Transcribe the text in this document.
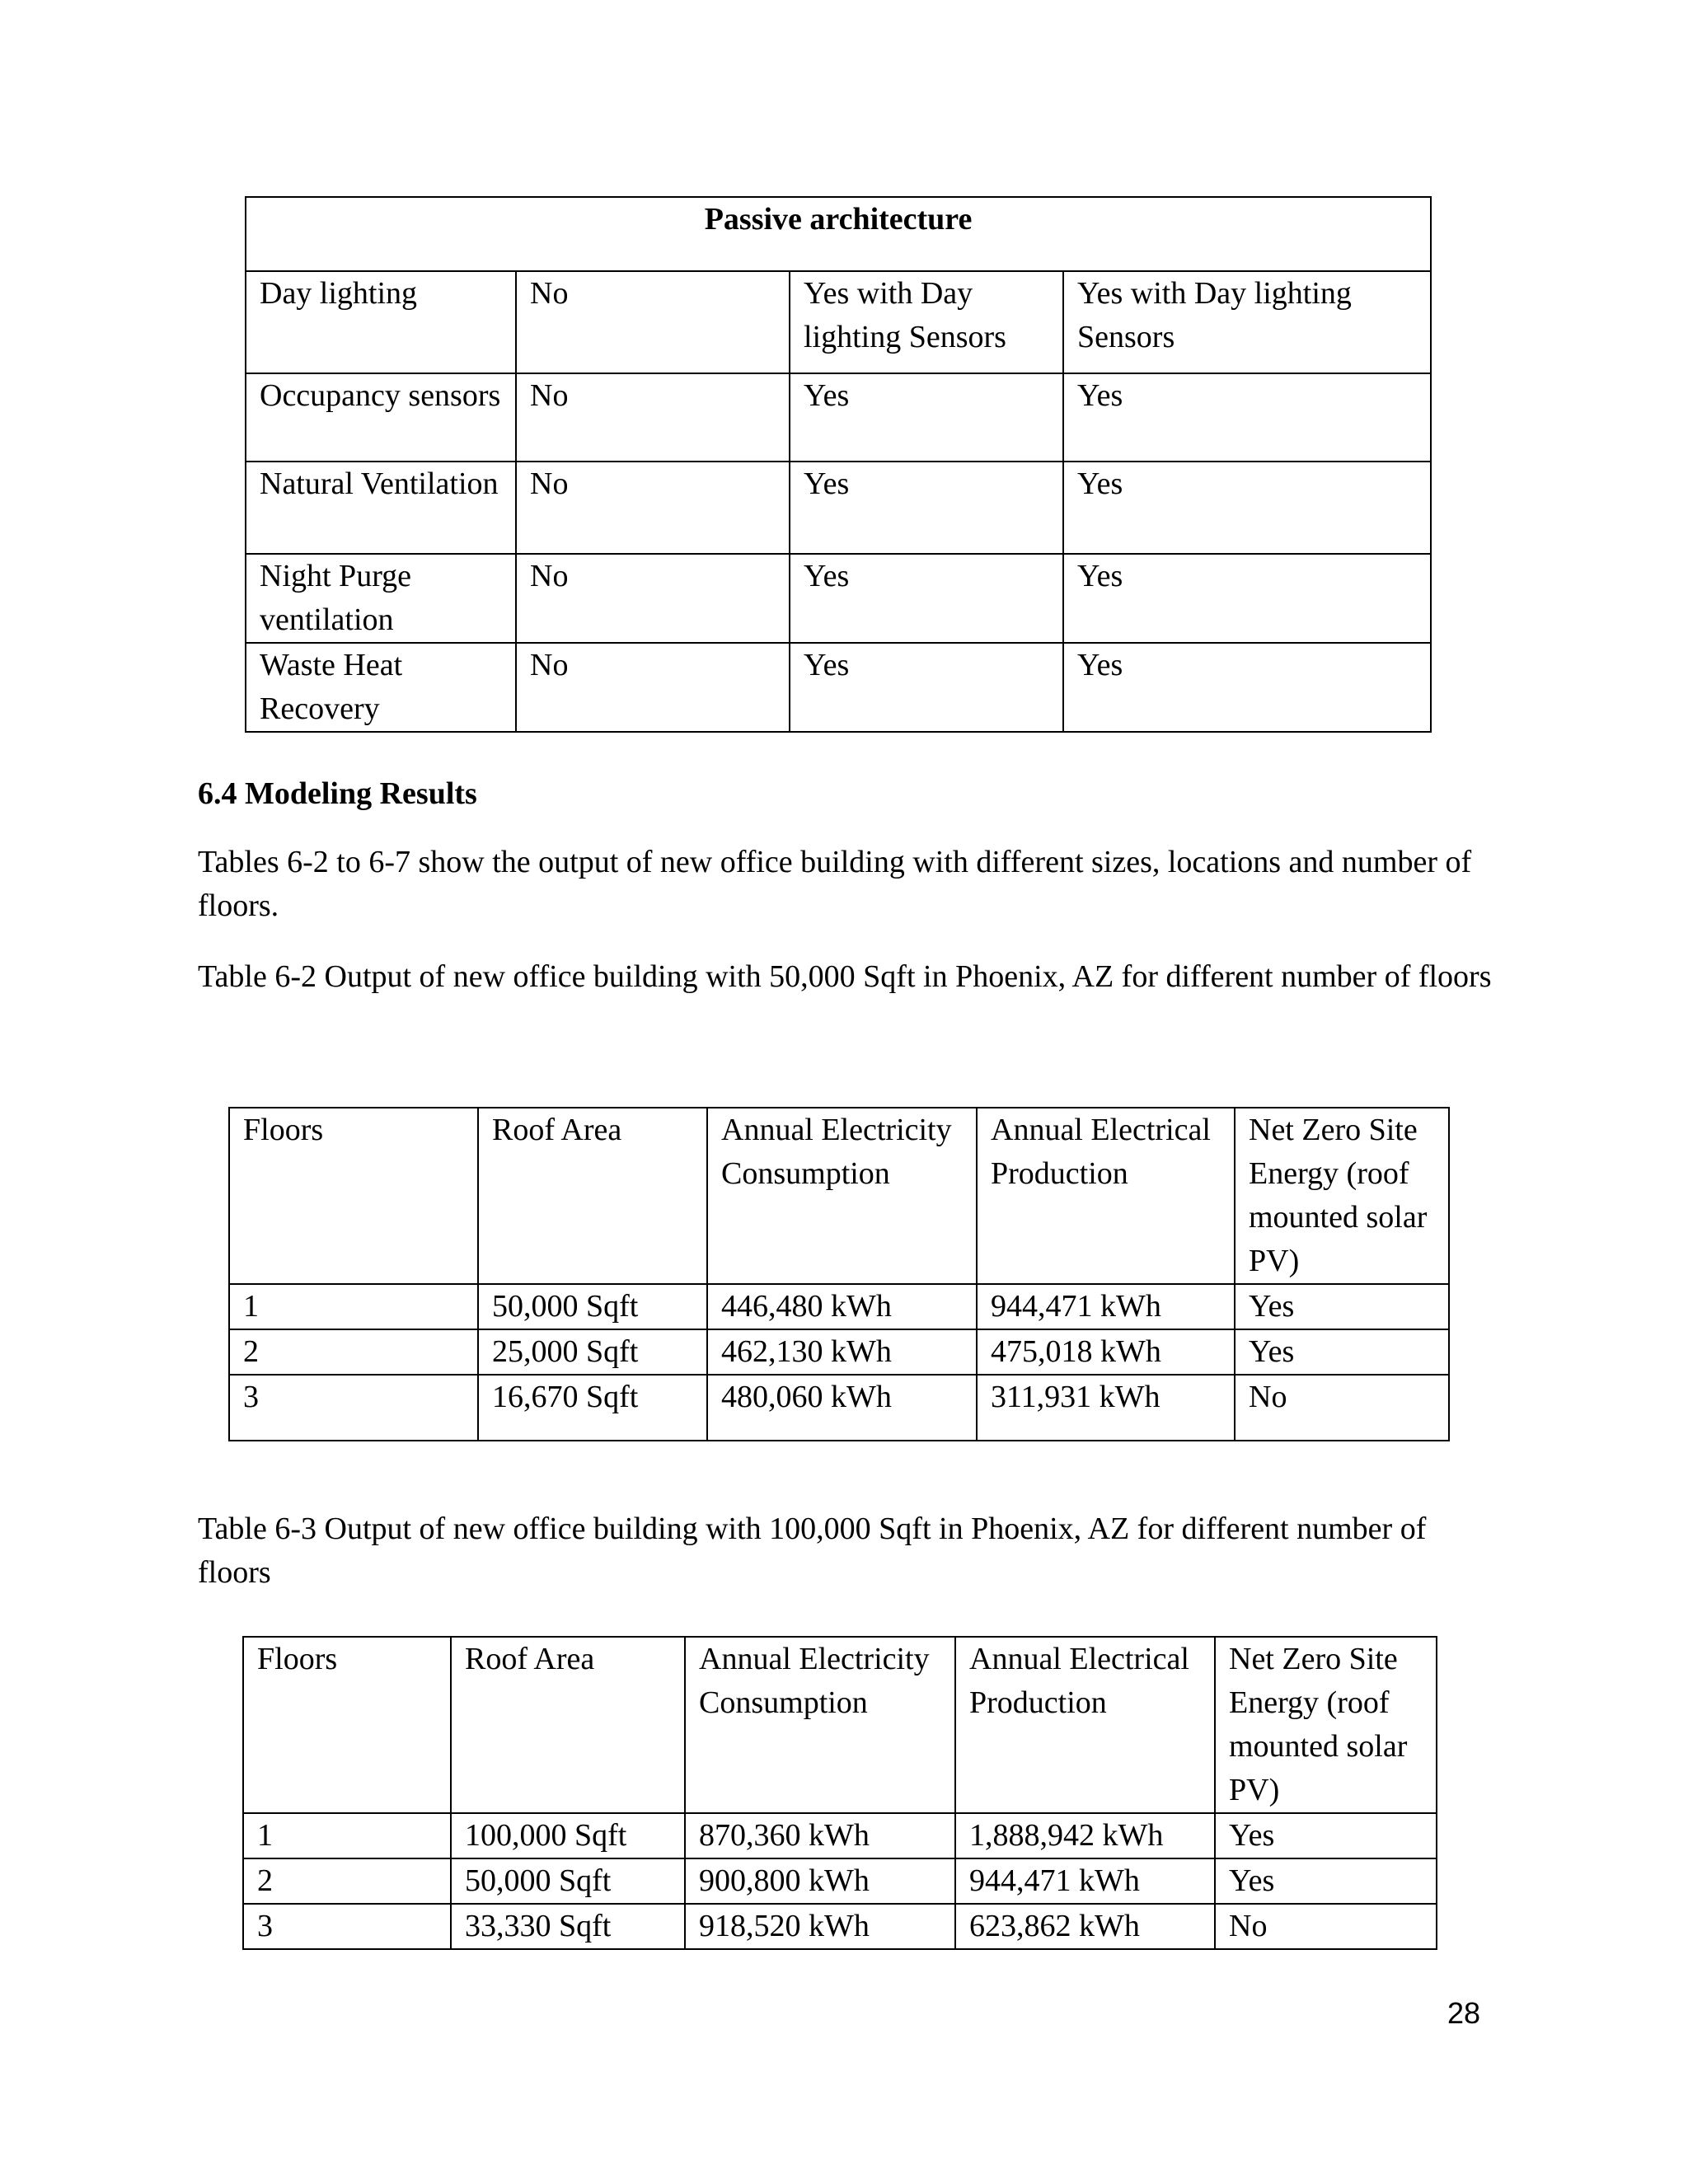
Passive architecture			
Day lighting	No	Yes with Day lighting Sensors	Yes with Day lighting Sensors
Occupancy sensors	No	Yes	Yes
Natural Ventilation	No	Yes	Yes
Night Purge ventilation	No	Yes	Yes
Waste Heat Recovery	No	Yes	Yes
6.4 Modeling Results

Tables 6-2 to 6-7 show the output of new office building with different sizes, locations and number of floors.

Table 6-2 Output of new office building with 50,000 Sqft in Phoenix, AZ for different number of floors

Floors	Roof Area	Annual Electricity Consumption	Annual Electrical Production	Net Zero Site Energy (roof mounted solar PV)
1	50,000 Sqft	446,480 kWh	944,471 kWh	Yes
2	25,000 Sqft	462,130 kWh	475,018 kWh	Yes
3	16,670 Sqft	480,060 kWh	311,931 kWh	No

Table 6-3 Output of new office building with 100,000 Sqft in Phoenix, AZ for different number of floors

Floors	Roof Area	Annual Electricity Consumption	Annual Electrical Production	Net Zero Site Energy (roof mounted solar PV)
1	100,000 Sqft	870,360 kWh	1,888,942 kWh	Yes
2	50,000 Sqft	900,800 kWh	944,471 kWh	Yes
3	33,330 Sqft	918,520 kWh	623,862 kWh	No
28
